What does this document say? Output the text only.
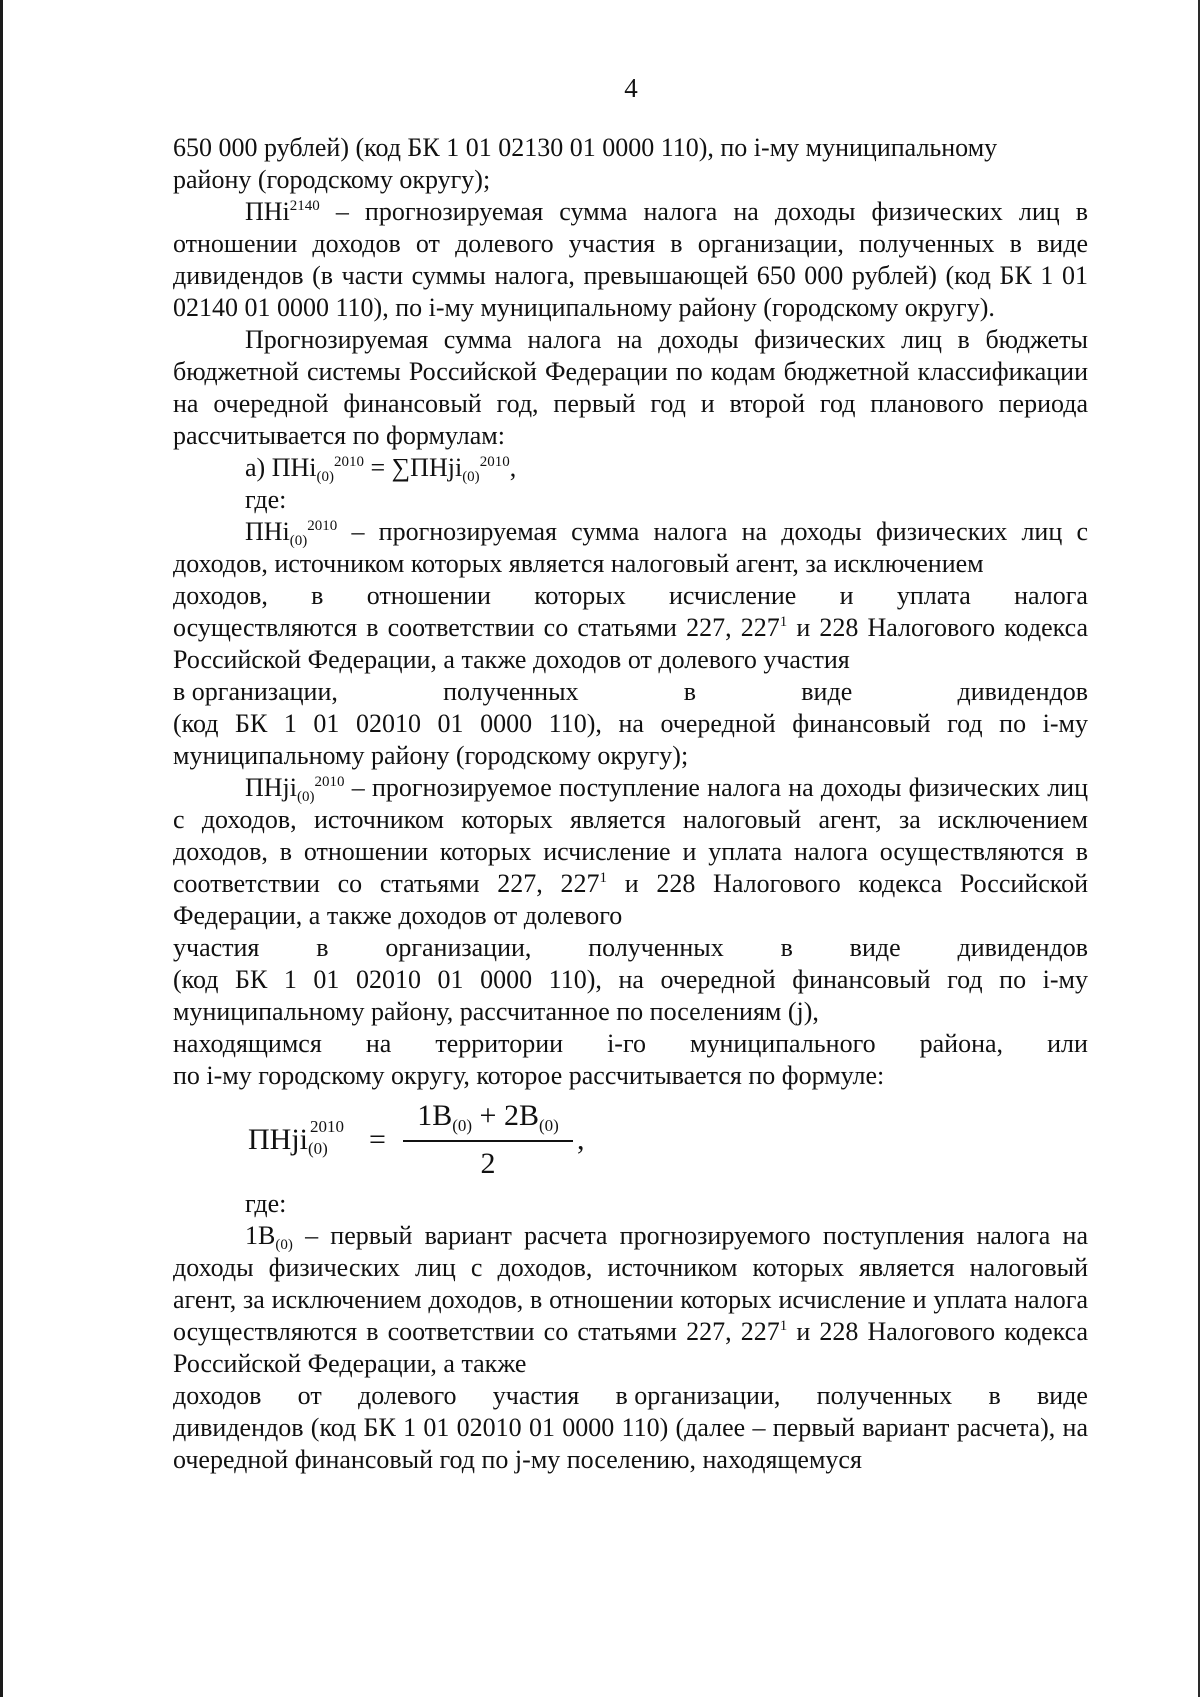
4

650 000 рублей) (код БК 1 01 02130 01 0000 110), по i-му муниципальному
району (городскому округу);

ПНi$^{2140}$ – прогнозируемая сумма налога на доходы физических лиц в отношении доходов от долевого участия в организации, полученных в виде дивидендов (в части суммы налога, превышающей 650 000 рублей) (код БК 1 01 02140 01 0000 110), по i-му муниципальному району (городскому округу).

Прогнозируемая сумма налога на доходы физических лиц в бюджеты бюджетной системы Российской Федерации по кодам бюджетной классификации на очередной финансовый год, первый год и второй год планового периода рассчитывается по формулам:

а) ПНi$_{(0)}^{2010}$ = ∑ПНji$_{(0)}^{2010}$,

где:

ПНi$_{(0)}^{2010}$ – прогнозируемая сумма налога на доходы физических лиц с доходов, источником которых является налоговый агент, за исключением

доходов, в отношении которых исчисление и уплата налога

осуществляются в соответствии со статьями 227, $227^1$ и 228 Налогового кодекса Российской Федерации, а также доходов от долевого участия

в организации,	полученных	в	виде	дивидендов

(код БК 1 01 02010 01 0000 110), на очередной финансовый год по i-му муниципальному району (городскому округу);

ПНji$_{(0)}^{2010}$ – прогнозируемое поступление налога на доходы физических лиц с доходов, источником которых является налоговый агент, за исключением доходов, в отношении которых исчисление и уплата налога осуществляются в соответствии со статьями 227, $227^1$ и 228 Налогового кодекса Российской Федерации, а также доходов от долевого

участия в организации, полученных в виде дивидендов

(код БК 1 01 02010 01 0000 110), на очередной финансовый год по i-му муниципальному району, рассчитанное по поселениям (j),

находящимся на территории i-го муниципального района, или

по i-му городскому округу, которое рассчитывается по формуле:

ПНji 2010
(0) =
$1В_{(0)} + 2В_{(0)}$
2
,

где:

$1В_{(0)}$ – первый вариант расчета прогнозируемого поступления налога на доходы физических лиц с доходов, источником которых является налоговый агент, за исключением доходов, в отношении которых исчисление и уплата налога осуществляются в соответствии со статьями 227, $227^1$ и 228 Налогового кодекса Российской Федерации, а также

доходов от долевого участия в организации, полученных в виде

дивидендов (код БК 1 01 02010 01 0000 110) (далее – первый вариант расчета), на очередной финансовый год по j-му поселению, находящемуся
